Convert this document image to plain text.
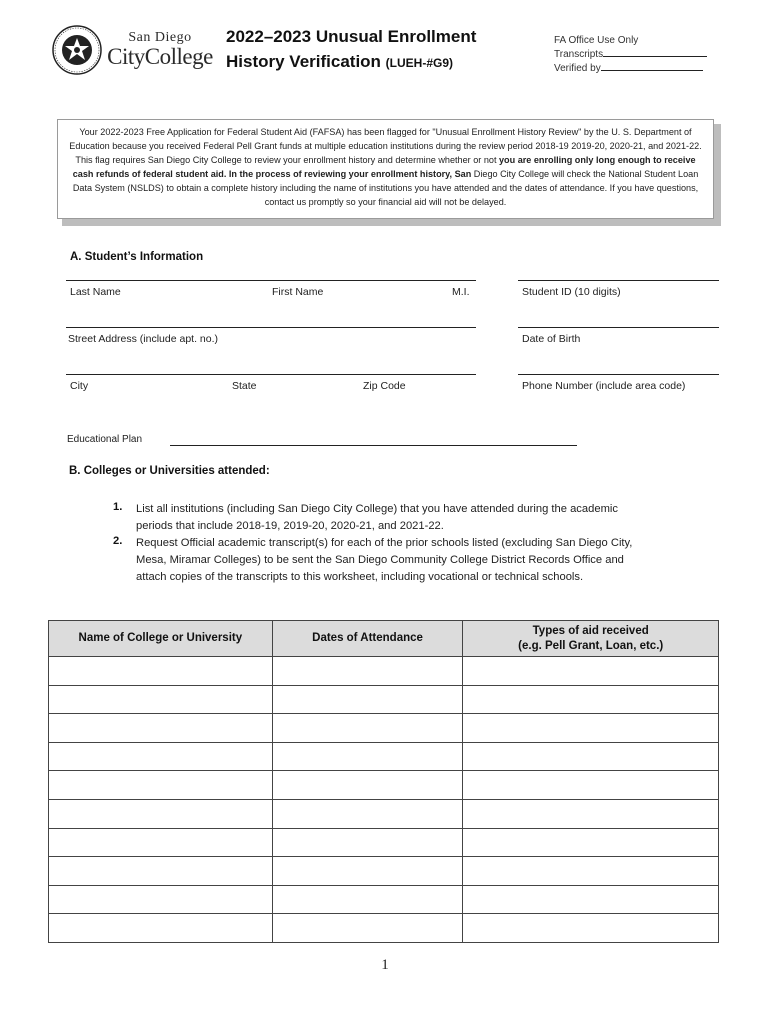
San Diego
CityCollege
2022–2023 Unusual Enrollment
History Verification (LUEH-#G9)
FA Office Use Only
Transcripts
Verified by
Your 2022-2023 Free Application for Federal Student Aid (FAFSA) has been flagged for "Unusual Enrollment History Review" by the U. S. Department of Education because you received Federal Pell Grant funds at multiple education institutions during the review period 2018-19 2019-20, 2020-21, and 2021-22. This flag requires San Diego City College to review your enrollment history and determine whether or not you are enrolling only long enough to receive cash refunds of federal student aid. In the process of reviewing your enrollment history, San Diego City College will check the National Student Loan Data System (NSLDS) to obtain a complete history including the name of institutions you have attended and the dates of attendance. If you have questions, contact us promptly so your financial aid will not be delayed.
A. Student’s Information
Last Name	First Name	M.I.	Student ID (10 digits)
Street Address (include apt. no.)	Date of Birth
City	State	Zip Code	Phone Number (include area code)
Educational Plan
B. Colleges or Universities attended:
1. List all institutions (including San Diego City College) that you have attended during the academic
periods that include 2018-19, 2019-20, 2020-21, and 2021-22.
2. Request Official academic transcript(s) for each of the prior schools listed (excluding San Diego City,
Mesa, Miramar Colleges) to be sent the San Diego Community College District Records Office and
attach copies of the transcripts to this worksheet, including vocational or technical schools.
Name of College or University	Dates of Attendance	Types of aid received
(e.g. Pell Grant, Loan, etc.)

1
